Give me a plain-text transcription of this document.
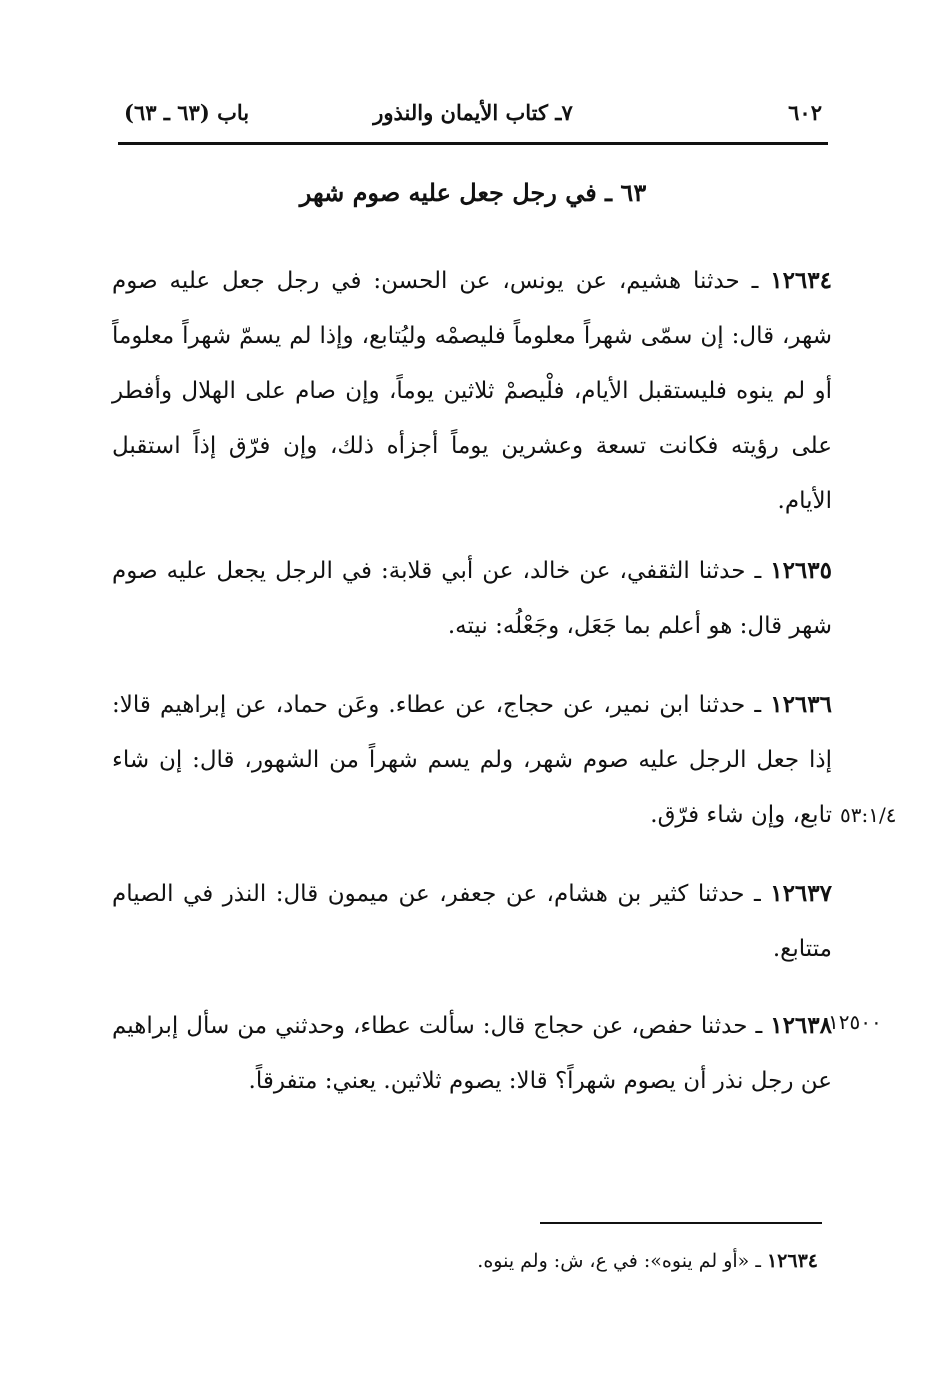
٦٠٢
٧ـ كتاب الأيمان والنذور
باب (٦٣ ـ ٦٣)
٦٣ ـ في رجل جعل عليه صوم شهر

١٢٦٣٤ ـ حدثنا هشيم، عن يونس، عن الحسن: في رجل جعل عليه صوم شهر، قال: إن سمّى شهراً معلوماً فليصمْه وليُتابع، وإذا لم يسمّ شهراً معلوماً أو لم ينوه فليستقبل الأيام، فلْيصمْ ثلاثين يوماً، وإن صام على الهلال وأفطر على رؤيته فكانت تسعة وعشرين يوماً أجزأه ذلك، وإن فرّق إذاً استقبل الأيام.

١٢٦٣٥ ـ حدثنا الثقفي، عن خالد، عن أبي قلابة: في الرجل يجعل عليه صوم شهر قال: هو أعلم بما جَعَل، وجَعْلُه: نيته.

١٢٦٣٦ ـ حدثنا ابن نمير، عن حجاج، عن عطاء. وعَن حماد، عن إبراهيم قالا: إذا جعل الرجل عليه صوم شهر، ولم يسم شهراً من الشهور، قال: إن شاء تابع، وإن شاء فرّق. ٥٣:١/٤

١٢٦٣٧ ـ حدثنا كثير بن هشام، عن جعفر، عن ميمون قال: النذر في الصيام متتابع.

١٢٥٠٠

١٢٦٣٨ ـ حدثنا حفص، عن حجاج قال: سألت عطاء، وحدثني من سأل إبراهيم عن رجل نذر أن يصوم شهراً؟ قالا: يصوم ثلاثين. يعني: متفرقاً.

١٢٦٣٤ ـ «أو لم ينوه»: في ع، ش: ولم ينوه.
